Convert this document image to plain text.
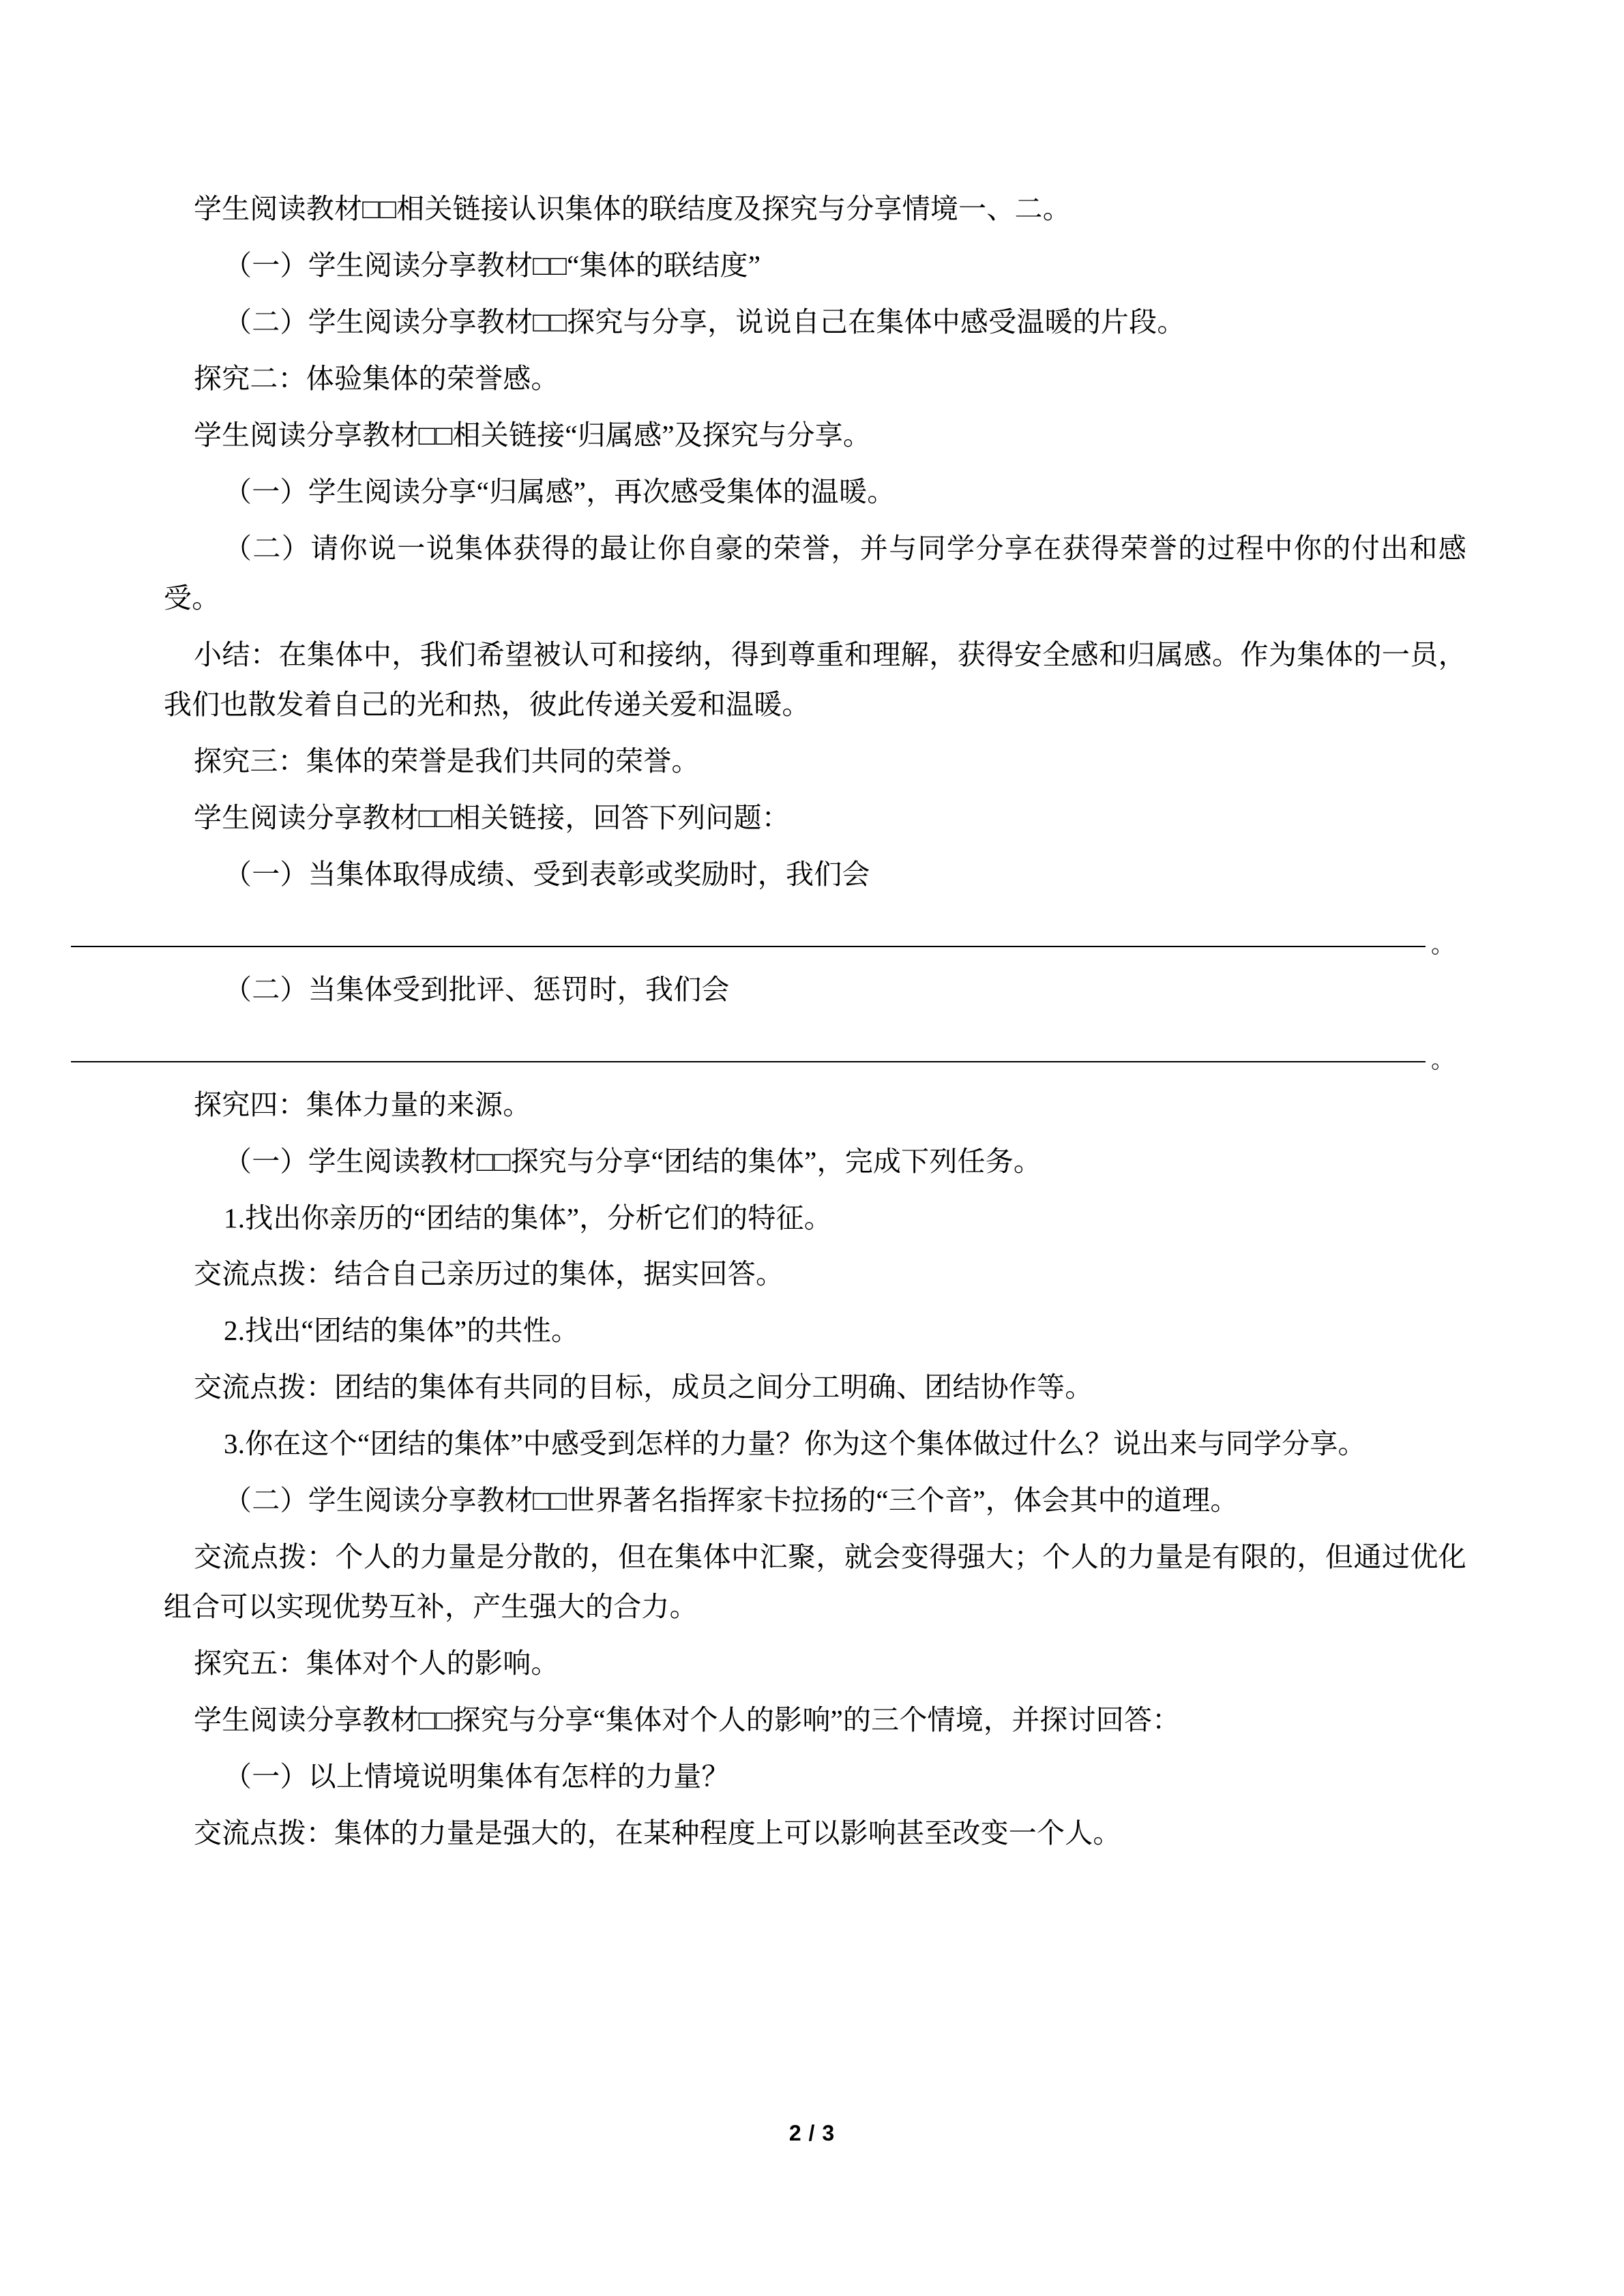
学生阅读教材□□相关链接认识集体的联结度及探究与分享情境一、二。

（一）学生阅读分享教材□□“集体的联结度”

（二）学生阅读分享教材□□探究与分享，说说自己在集体中感受温暖的片段。

探究二：体验集体的荣誉感。

学生阅读分享教材□□相关链接“归属感”及探究与分享。

（一）学生阅读分享“归属感”，再次感受集体的温暖。

（二）请你说一说集体获得的最让你自豪的荣誉，并与同学分享在获得荣誉的过程中你的付出和感受。

小结：在集体中，我们希望被认可和接纳，得到尊重和理解，获得安全感和归属感。作为集体的一员，我们也散发着自己的光和热，彼此传递关爱和温暖。

探究三：集体的荣誉是我们共同的荣誉。

学生阅读分享教材□□相关链接，回答下列问题：

（一）当集体取得成绩、受到表彰或奖励时，我们会

。

（二）当集体受到批评、惩罚时，我们会

。

探究四：集体力量的来源。

（一）学生阅读教材□□探究与分享“团结的集体”，完成下列任务。

1.找出你亲历的“团结的集体”，分析它们的特征。

交流点拨：结合自己亲历过的集体，据实回答。

2.找出“团结的集体”的共性。

交流点拨：团结的集体有共同的目标，成员之间分工明确、团结协作等。

3.你在这个“团结的集体”中感受到怎样的力量？你为这个集体做过什么？说出来与同学分享。

（二）学生阅读分享教材□□世界著名指挥家卡拉扬的“三个音”，体会其中的道理。

交流点拨：个人的力量是分散的，但在集体中汇聚，就会变得强大；个人的力量是有限的，但通过优化组合可以实现优势互补，产生强大的合力。

探究五：集体对个人的影响。

学生阅读分享教材□□探究与分享“集体对个人的影响”的三个情境，并探讨回答：

（一）以上情境说明集体有怎样的力量？

交流点拨：集体的力量是强大的，在某种程度上可以影响甚至改变一个人。

2 / 3
